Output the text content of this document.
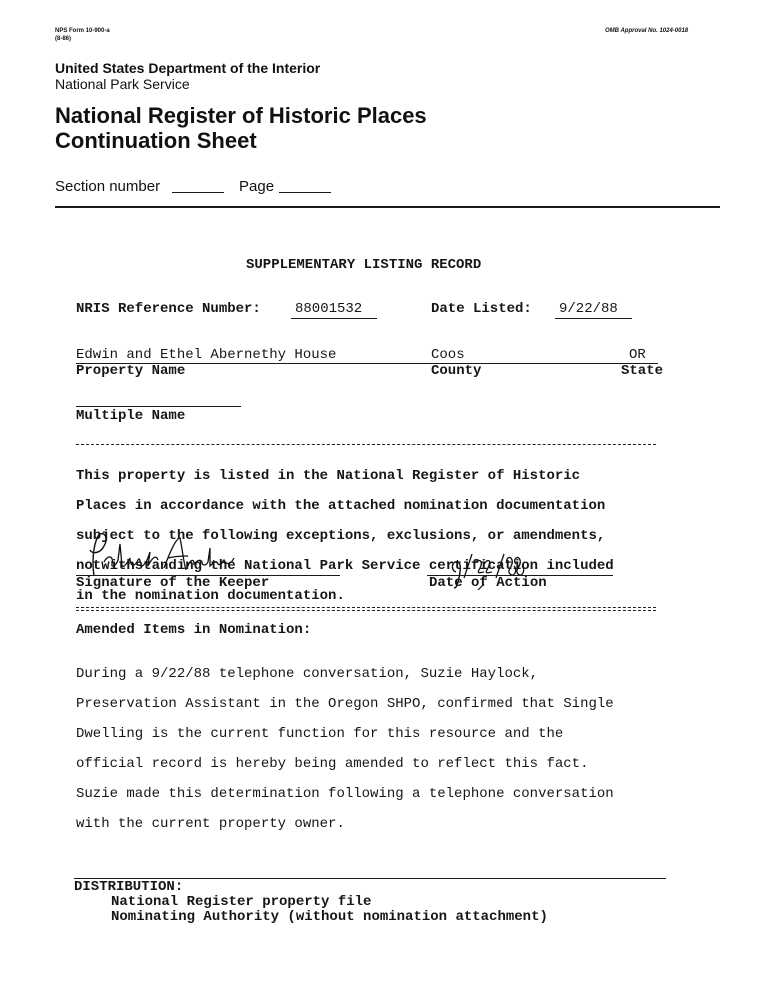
NPS Form 10-900-a
(8-86)
OMB Approval No. 1024-0018
United States Department of the Interior
National Park Service
National Register of Historic Places
Continuation Sheet
Section number	Page
SUPPLEMENTARY LISTING RECORD
NRIS Reference Number: 88001532	Date Listed: 9/22/88
Edwin and Ethel Abernethy House	Coos	OR
Property Name	County	State
Multiple Name

This property is listed in the National Register of Historic

Places in accordance with the attached nomination documentation

subject to the following exceptions, exclusions, or amendments,

notwithstanding the National Park Service certification included

in the nomination documentation.

Signature of the Keeper	Date of Action
Amended Items in Nomination:

During a 9/22/88 telephone conversation, Suzie Haylock,

Preservation Assistant in the Oregon SHPO, confirmed that Single

Dwelling is the current function for this resource and the

official record is hereby being amended to reflect this fact.

Suzie made this determination following a telephone conversation

with the current property owner.

DISTRIBUTION:
National Register property file
Nominating Authority (without nomination attachment)
